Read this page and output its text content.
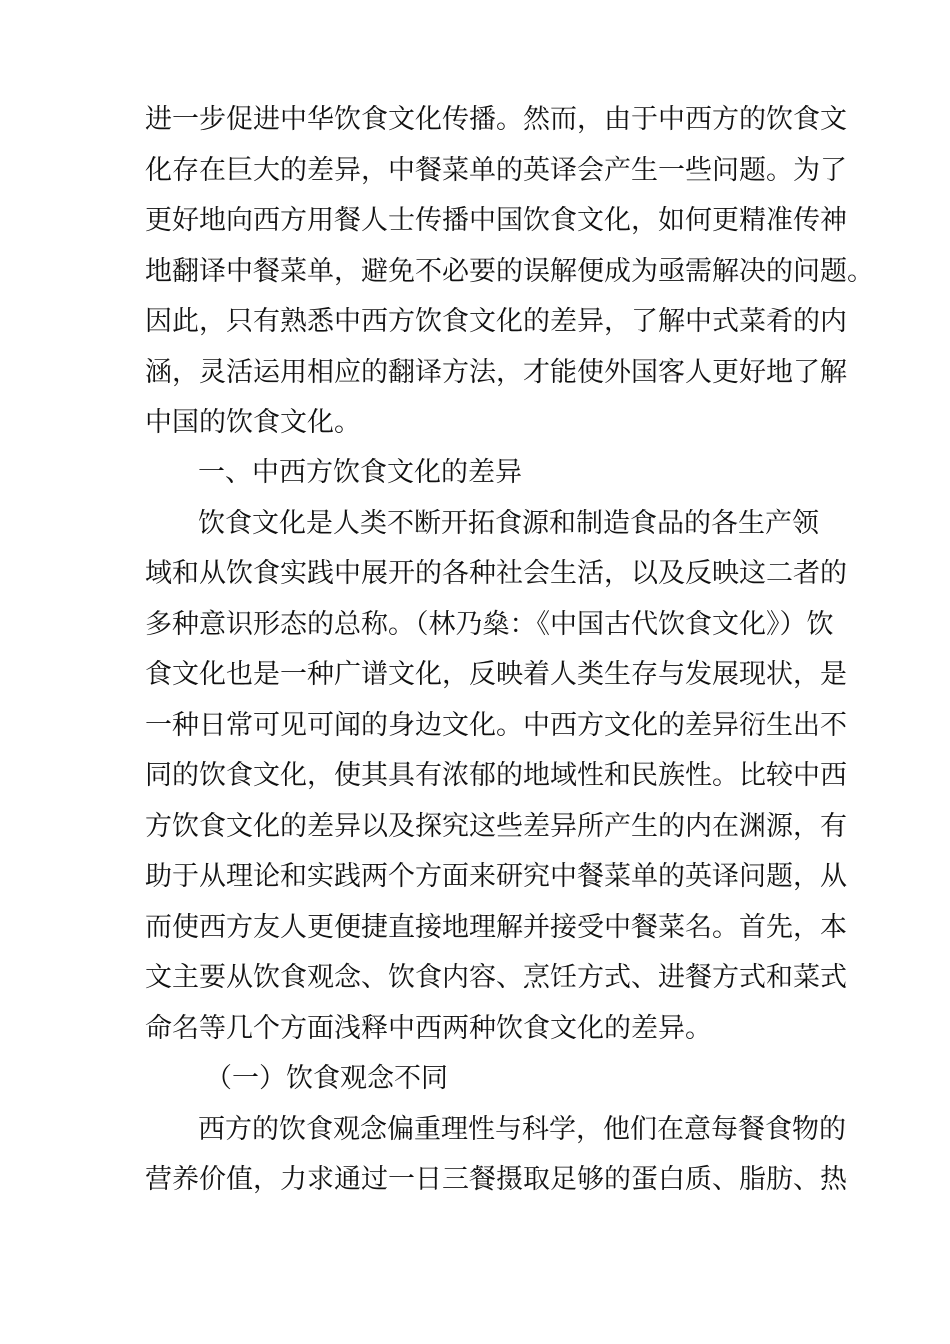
进一步促进中华饮食文化传播。然而，由于中西方的饮食文
化存在巨大的差异，中餐菜单的英译会产生一些问题。为了
更好地向西方用餐人士传播中国饮食文化，如何更精准传神
地翻译中餐菜单，避免不必要的误解便成为亟需解决的问题。
因此，只有熟悉中西方饮食文化的差异，了解中式菜肴的内
涵，灵活运用相应的翻译方法，才能使外国客人更好地了解
中国的饮食文化。
一、中西方饮食文化的差异
饮食文化是人类不断开拓食源和制造食品的各生产领
域和从饮食实践中展开的各种社会生活，以及反映这二者的
多种意识形态的总称。（林乃燊：《中国古代饮食文化》）饮
食文化也是一种广谱文化，反映着人类生存与发展现状，是
一种日常可见可闻的身边文化。中西方文化的差异衍生出不
同的饮食文化，使其具有浓郁的地域性和民族性。比较中西
方饮食文化的差异以及探究这些差异所产生的内在渊源，有
助于从理论和实践两个方面来研究中餐菜单的英译问题，从
而使西方友人更便捷直接地理解并接受中餐菜名。首先，本
文主要从饮食观念、饮食内容、烹饪方式、进餐方式和菜式
命名等几个方面浅释中西两种饮食文化的差异。
（一）饮食观念不同
西方的饮食观念偏重理性与科学，他们在意每餐食物的
营养价值，力求通过一日三餐摄取足够的蛋白质、脂肪、热
